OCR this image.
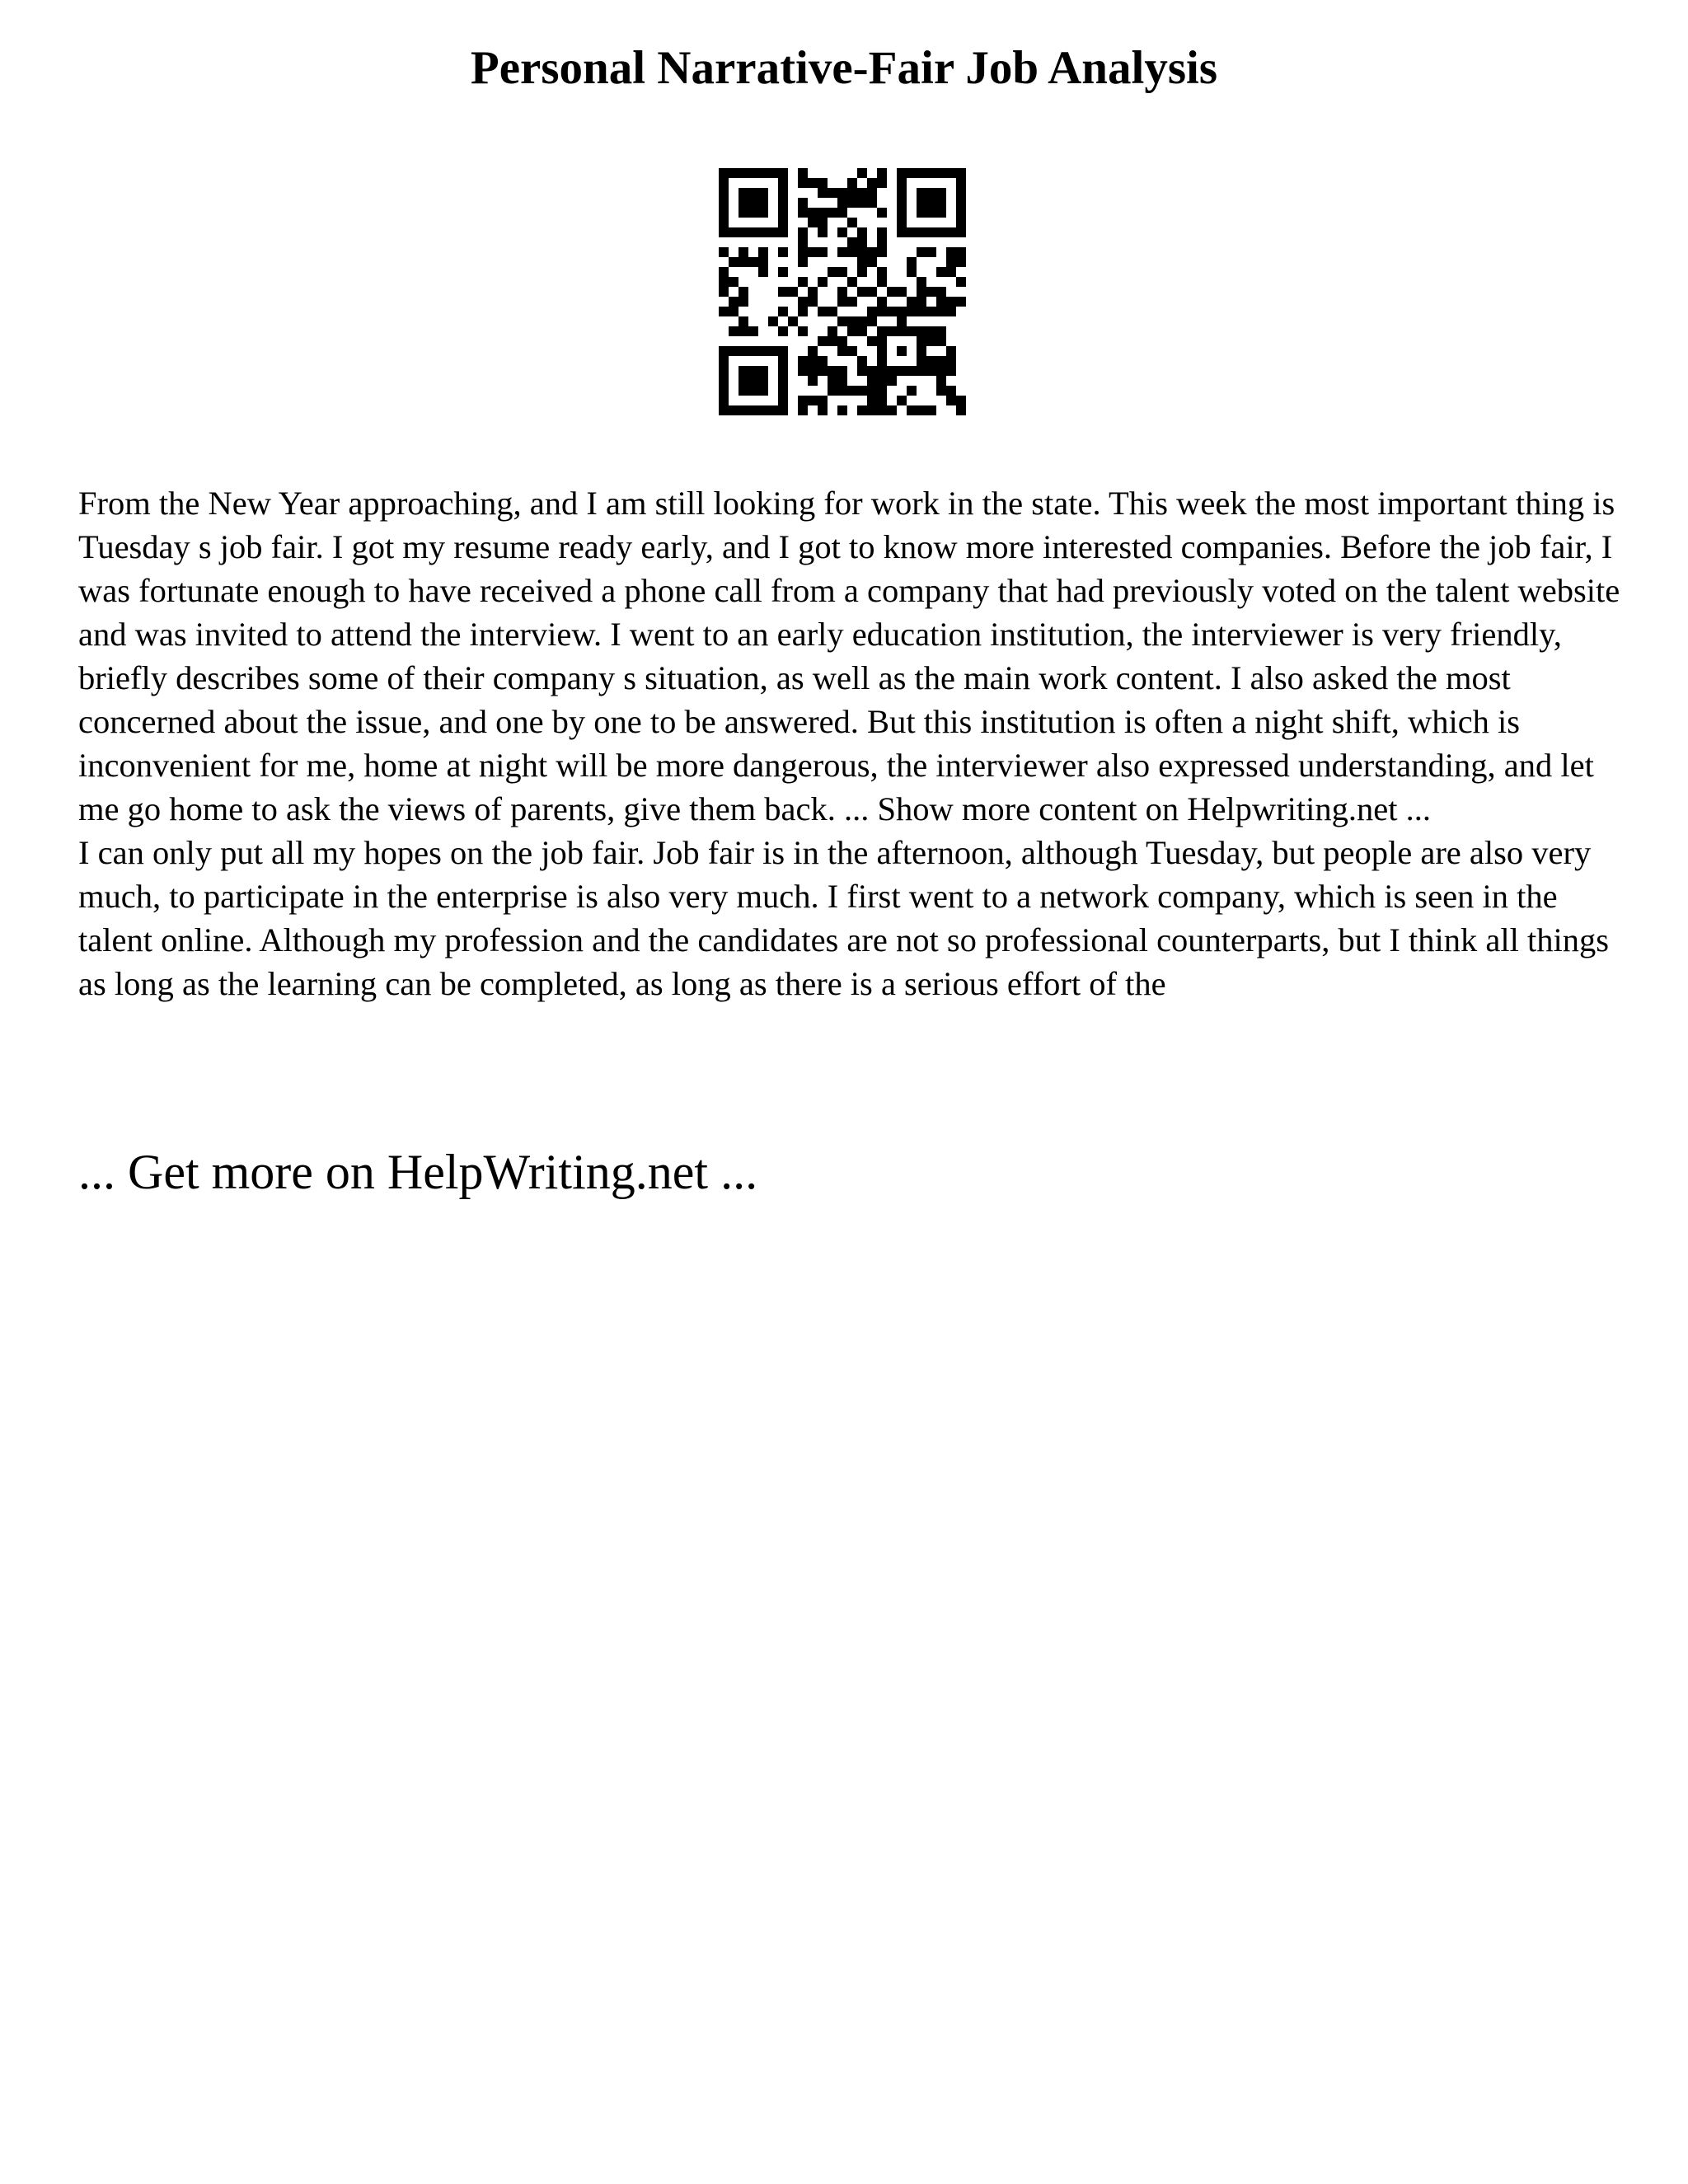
Personal Narrative-Fair Job Analysis

From the New Year approaching, and I am still looking for work in the state. This week the most important thing is Tuesday s job fair. I got my resume ready early, and I got to know more interested companies. Before the job fair, I was fortunate enough to have received a phone call from a company that had previously voted on the talent website and was invited to attend the interview. I went to an early education institution, the interviewer is very friendly, briefly describes some of their company s situation, as well as the main work content. I also asked the most concerned about the issue, and one by one to be answered. But this institution is often a night shift, which is inconvenient for me, home at night will be more dangerous, the interviewer also expressed understanding, and let me go home to ask the views of parents, give them back. ... Show more content on Helpwriting.net ...

I can only put all my hopes on the job fair. Job fair is in the afternoon, although Tuesday, but people are also very much, to participate in the enterprise is also very much. I first went to a network company, which is seen in the talent online. Although my profession and the candidates are not so professional counterparts, but I think all things as long as the learning can be completed, as long as there is a serious effort of the

... Get more on HelpWriting.net ...
